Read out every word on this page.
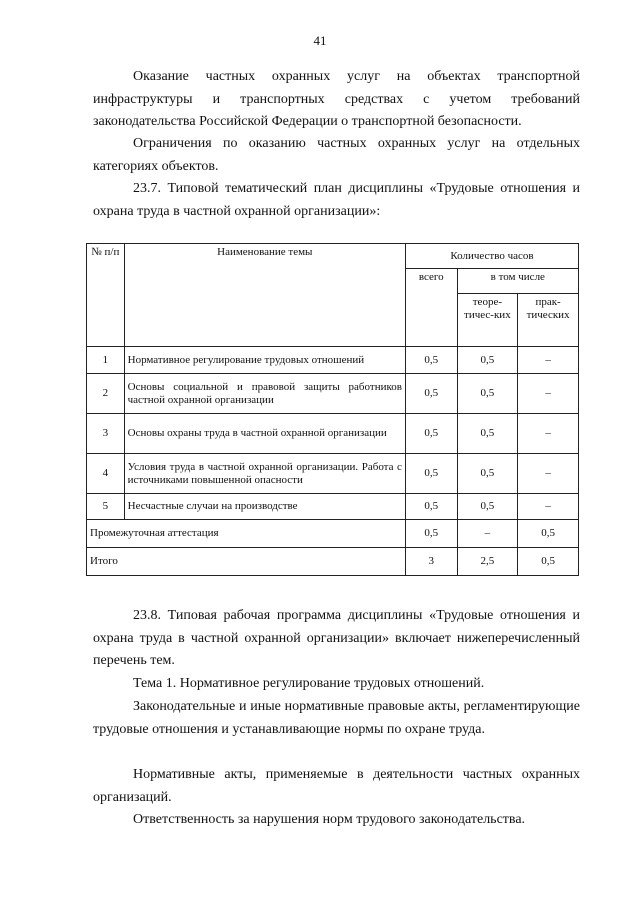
41

Оказание частных охранных услуг на объектах транспортной инфраструктуры и транспортных средствах с учетом требований законодательства Российской Федерации о транспортной безопасности.

Ограничения по оказанию частных охранных услуг на отдельных категориях объектов.

23.7. Типовой тематический план дисциплины «Трудовые отношения и охрана труда в частной охранной организации»:

№ п/п	Наименование темы	Количество часов		
		всего	в том числе	
			теоре-тичес-ких	прак-тических
1	Нормативное регулирование трудовых отношений	0,5	0,5	–
2	Основы социальной и правовой защиты работников частной охранной организации	0,5	0,5	–
3	Основы охраны труда в частной охранной организации	0,5	0,5	–
4	Условия труда в частной охранной организации. Работа с источниками повышенной опасности	0,5	0,5	–
5	Несчастные случаи на производстве	0,5	0,5	–
Промежуточная аттестация		0,5	–	0,5
Итого		3	2,5	0,5

23.8. Типовая рабочая программа дисциплины «Трудовые отношения и охрана труда в частной охранной организации» включает нижеперечисленный перечень тем.

Тема 1. Нормативное регулирование трудовых отношений.

Законодательные и иные нормативные правовые акты, регламентирующие трудовые отношения и устанавливающие нормы по охране труда.

Нормативные акты, применяемые в деятельности частных охранных организаций.

Ответственность за нарушения норм трудового законодательства.
